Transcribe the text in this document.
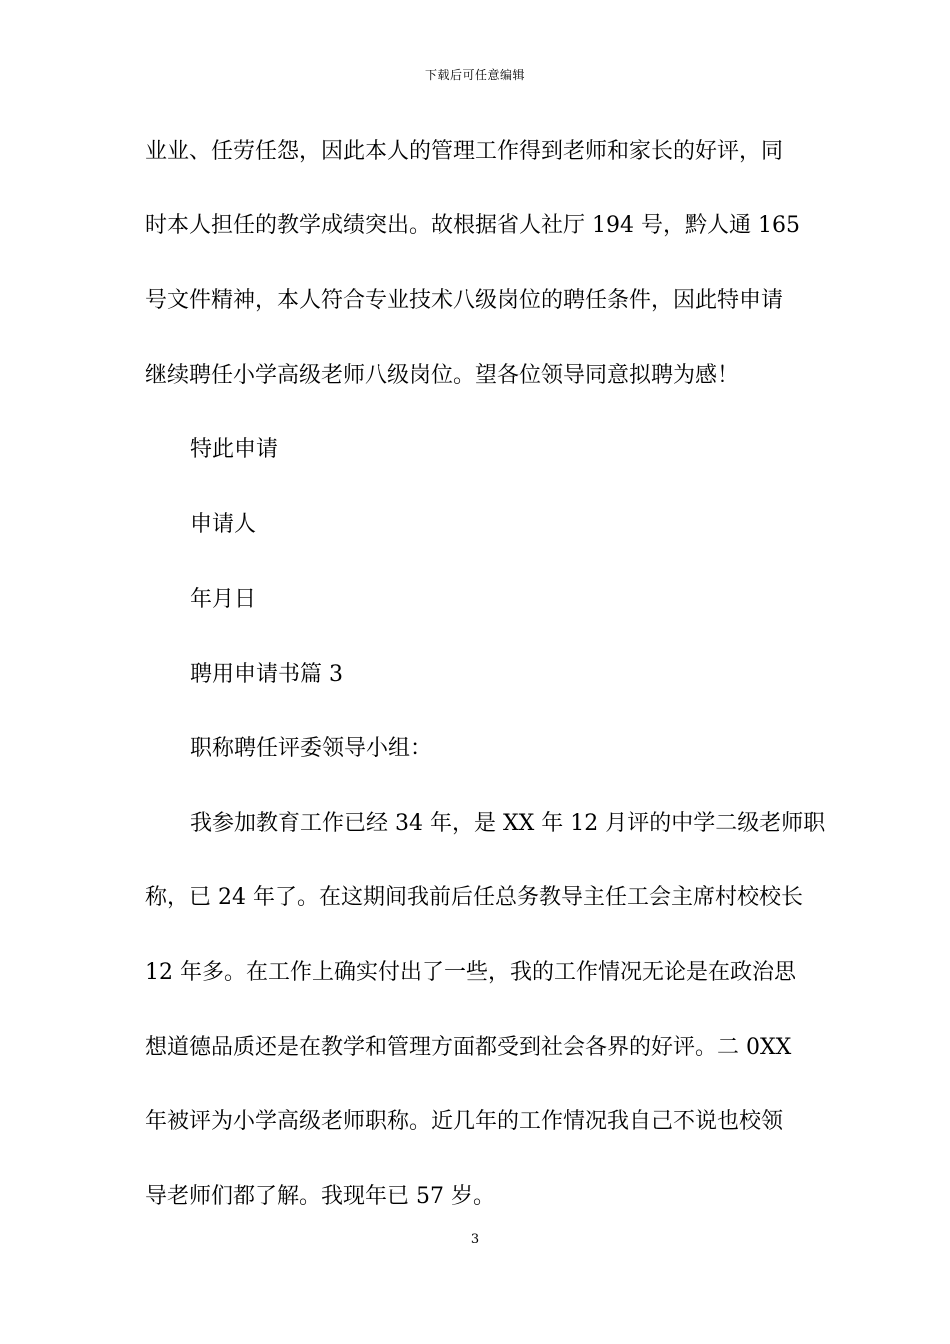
下载后可任意编辑
业业、任劳任怨，因此本人的管理工作得到老师和家长的好评，同
时本人担任的教学成绩突出。故根据省人社厅 194 号，黔人通 165
号文件精神，本人符合专业技术八级岗位的聘任条件，因此特申请
继续聘任小学高级老师八级岗位。望各位领导同意拟聘为感！
特此申请
申请人
年月日
聘用申请书篇 3
职称聘任评委领导小组：
我参加教育工作已经 34 年，是 XX 年 12 月评的中学二级老师职
称，已 24 年了。在这期间我前后任总务教导主任工会主席村校校长
12 年多。在工作上确实付出了一些，我的工作情况无论是在政治思
想道德品质还是在教学和管理方面都受到社会各界的好评。二 0XX
年被评为小学高级老师职称。近几年的工作情况我自己不说也校领
导老师们都了解。我现年已 57 岁。
3
